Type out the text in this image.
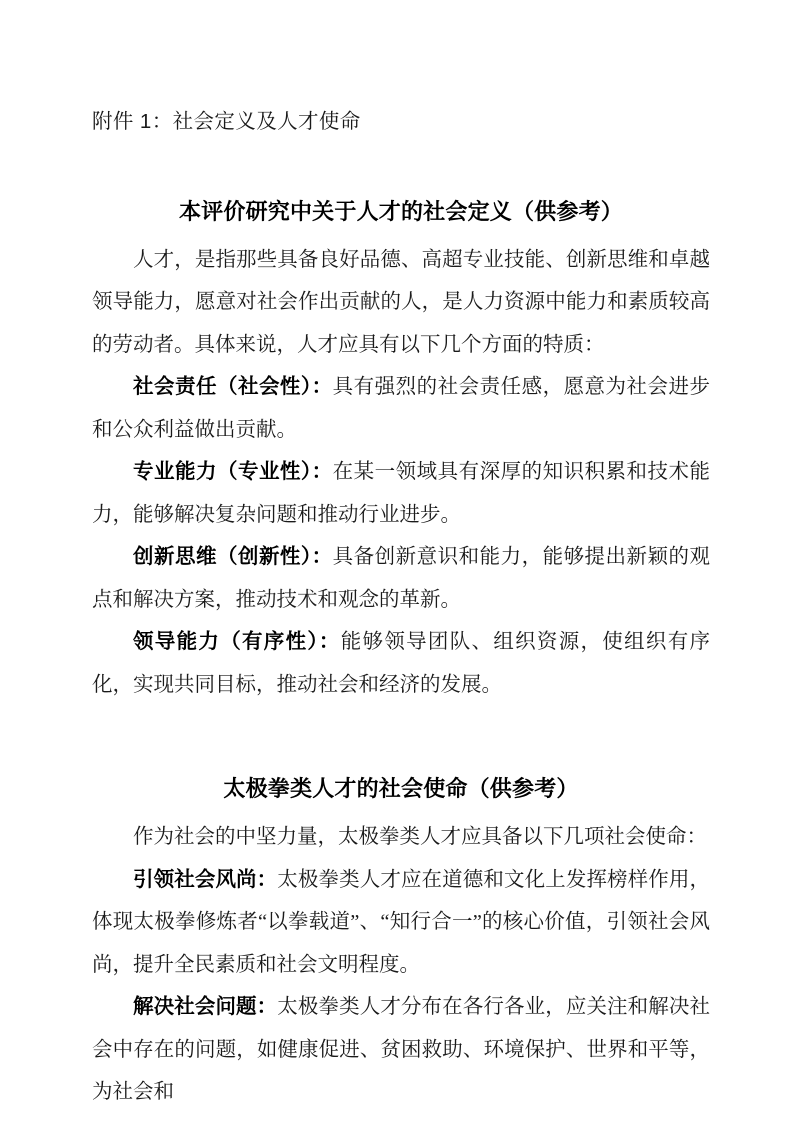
附件 1：社会定义及人才使命

本评价研究中关于人才的社会定义（供参考）

人才，是指那些具备良好品德、高超专业技能、创新思维和卓越领导能力，愿意对社会作出贡献的人，是人力资源中能力和素质较高的劳动者。具体来说，人才应具有以下几个方面的特质：

社会责任（社会性）：具有强烈的社会责任感，愿意为社会进步和公众利益做出贡献。

专业能力（专业性）：在某一领域具有深厚的知识积累和技术能力，能够解决复杂问题和推动行业进步。

创新思维（创新性）：具备创新意识和能力，能够提出新颖的观点和解决方案，推动技术和观念的革新。

领导能力（有序性）：能够领导团队、组织资源，使组织有序化，实现共同目标，推动社会和经济的发展。

太极拳类人才的社会使命（供参考）

作为社会的中坚力量，太极拳类人才应具备以下几项社会使命：

引领社会风尚：太极拳类人才应在道德和文化上发挥榜样作用，体现太极拳修炼者“以拳载道”、“知行合一”的核心价值，引领社会风尚，提升全民素质和社会文明程度。

解决社会问题：太极拳类人才分布在各行各业，应关注和解决社会中存在的问题，如健康促进、贫困救助、环境保护、世界和平等，为社会和
